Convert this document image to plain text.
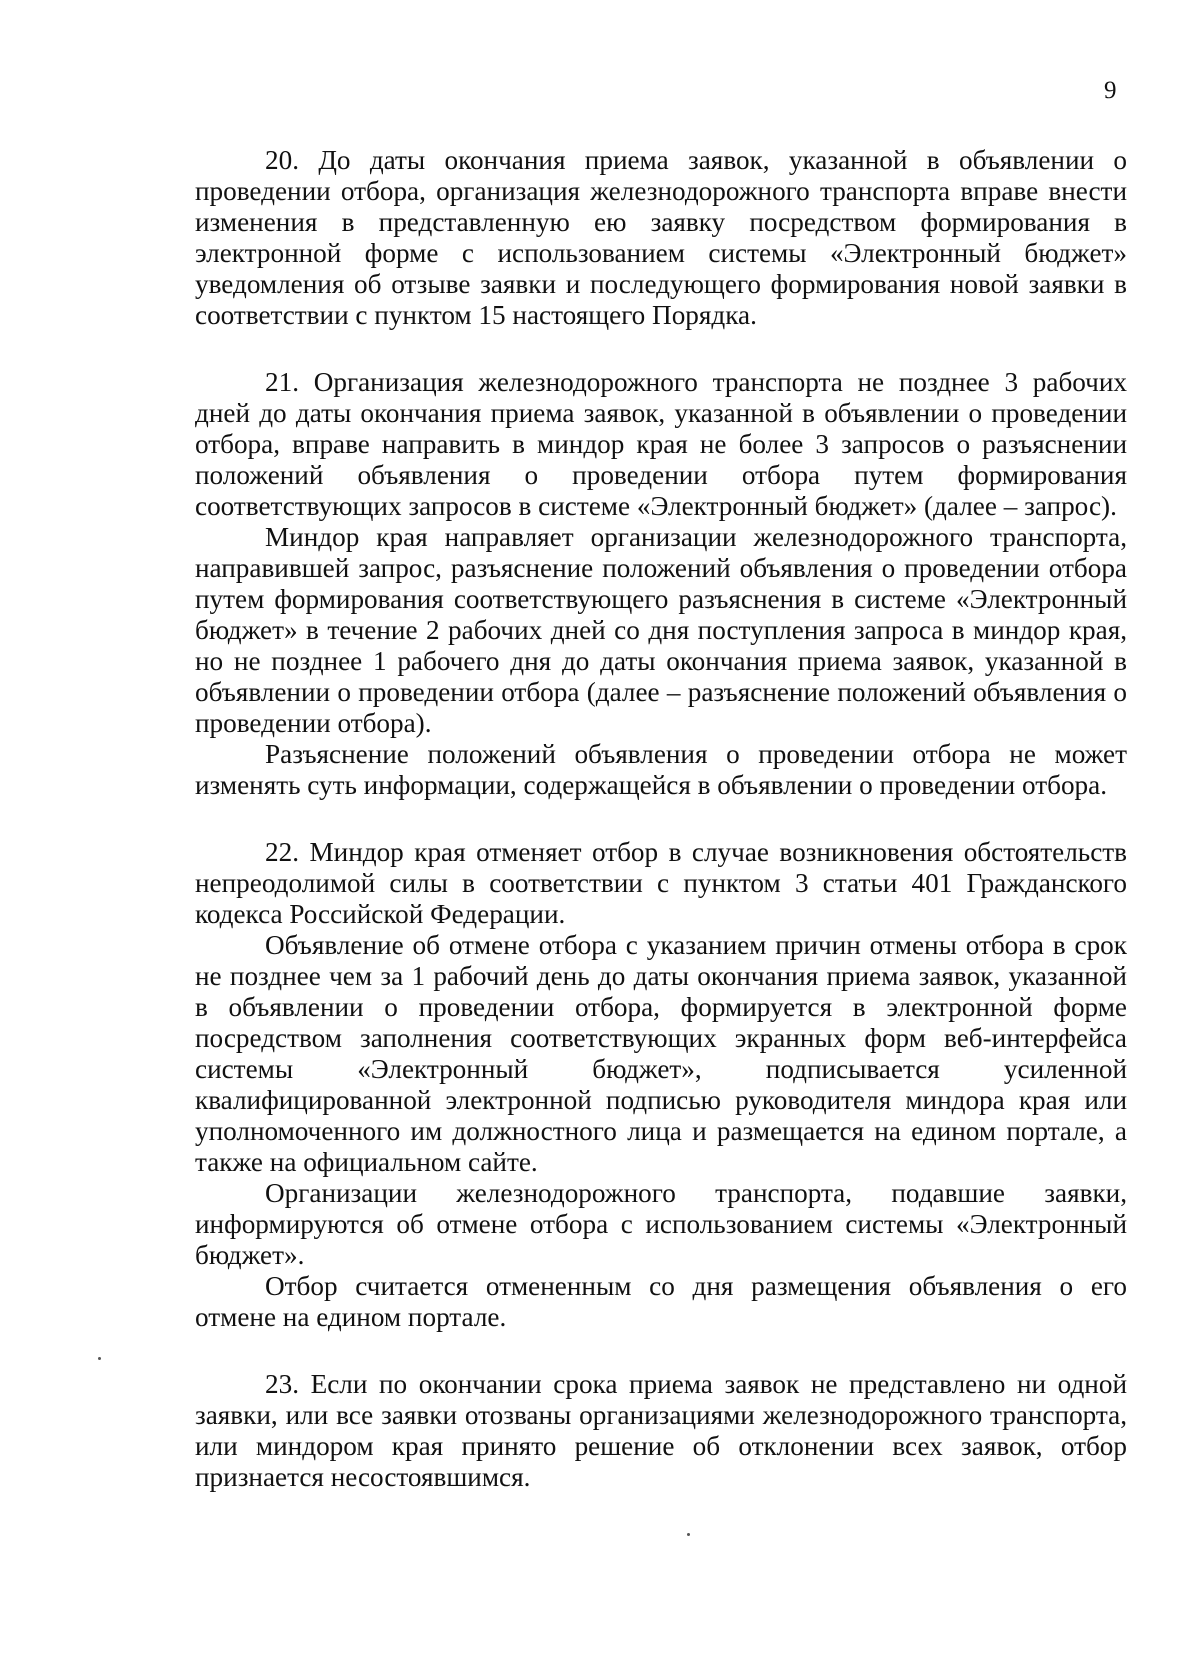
9

20. До даты окончания приема заявок, указанной в объявлении о проведении отбора, организация железнодорожного транспорта вправе внести изменения в представленную ею заявку посредством формирования в электронной форме с использованием системы «Электронный бюджет» уведомления об отзыве заявки и последующего формирования новой заявки в соответствии с пунктом 15 настоящего Порядка.

21. Организация железнодорожного транспорта не позднее 3 рабочих дней до даты окончания приема заявок, указанной в объявлении о проведении отбора, вправе направить в миндор края не более 3 запросов о разъяснении положений объявления о проведении отбора путем формирования соответствующих запросов в системе «Электронный бюджет» (далее – запрос).

Миндор края направляет организации железнодорожного транспорта, направившей запрос, разъяснение положений объявления о проведении отбора путем формирования соответствующего разъяснения в системе «Электронный бюджет» в течение 2 рабочих дней со дня поступления запроса в миндор края, но не позднее 1 рабочего дня до даты окончания приема заявок, указанной в объявлении о проведении отбора (далее – разъяснение положений объявления о проведении отбора).

Разъяснение положений объявления о проведении отбора не может изменять суть информации, содержащейся в объявлении о проведении отбора.

22. Миндор края отменяет отбор в случае возникновения обстоятельств непреодолимой силы в соответствии с пунктом 3 статьи 401 Гражданского кодекса Российской Федерации.

Объявление об отмене отбора с указанием причин отмены отбора в срок не позднее чем за 1 рабочий день до даты окончания приема заявок, указанной в объявлении о проведении отбора, формируется в электронной форме посредством заполнения соответствующих экранных форм веб-интерфейса системы «Электронный бюджет», подписывается усиленной квалифицированной электронной подписью руководителя миндора края или уполномоченного им должностного лица и размещается на едином портале, а также на официальном сайте.

Организации железнодорожного транспорта, подавшие заявки, информируются об отмене отбора с использованием системы «Электронный бюджет».

Отбор считается отмененным со дня размещения объявления о его отмене на едином портале.

23. Если по окончании срока приема заявок не представлено ни одной заявки, или все заявки отозваны организациями железнодорожного транспорта, или миндором края принято решение об отклонении всех заявок, отбор признается несостоявшимся.
